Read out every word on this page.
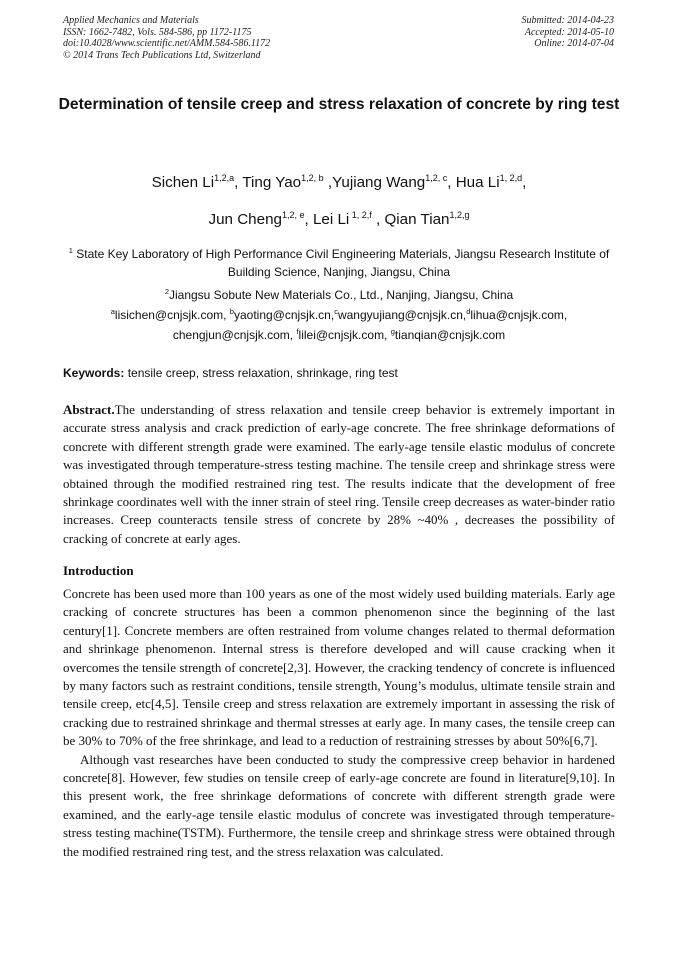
Applied Mechanics and Materials
ISSN: 1662-7482, Vols. 584-586, pp 1172-1175
doi:10.4028/www.scientific.net/AMM.584-586.1172
© 2014 Trans Tech Publications Ltd, Switzerland
Submitted: 2014-04-23
Accepted: 2014-05-10
Online: 2014-07-04
Determination of tensile creep and stress relaxation of concrete by ring test
Sichen Li$^{1,2,a}$, Ting Yao$^{1,2, b}$ ,Yujiang Wang$^{1,2, c}$, Hua Li$^{1, 2,d}$,
Jun Cheng$^{1,2, e}$, Lei Li $^{1, 2,f}$ , Qian Tian$^{1,2,g}$
$^1$ State Key Laboratory of High Performance Civil Engineering Materials, Jiangsu Research Institute of Building Science, Nanjing, Jiangsu, China
$^2$Jiangsu Sobute New Materials Co., Ltd., Nanjing, Jiangsu, China
$^a$lisichen@cnjsjk.com, $^b$yaoting@cnjsjk.cn,$^c$wangyujiang@cnjsjk.cn,$^d$lihua@cnjsjk.com,
chengjun@cnjsjk.com, $^f$lilei@cnjsjk.com, $^g$tianqian@cnjsjk.com
Keywords: tensile creep, stress relaxation, shrinkage, ring test
Abstract.The understanding of stress relaxation and tensile creep behavior is extremely important in accurate stress analysis and crack prediction of early-age concrete. The free shrinkage deformations of concrete with different strength grade were examined. The early-age tensile elastic modulus of concrete was investigated through temperature-stress testing machine. The tensile creep and shrinkage stress were obtained through the modified restrained ring test. The results indicate that the development of free shrinkage coordinates well with the inner strain of steel ring. Tensile creep decreases as water-binder ratio increases. Creep counteracts tensile stress of concrete by 28% ~40% , decreases the possibility of cracking of concrete at early ages.
Introduction

Concrete has been used more than 100 years as one of the most widely used building materials. Early age cracking of concrete structures has been a common phenomenon since the beginning of the last century[1]. Concrete members are often restrained from volume changes related to thermal deformation and shrinkage phenomenon. Internal stress is therefore developed and will cause cracking when it overcomes the tensile strength of concrete[2,3]. However, the cracking tendency of concrete is influenced by many factors such as restraint conditions, tensile strength, Young’s modulus, ultimate tensile strain and tensile creep, etc[4,5]. Tensile creep and stress relaxation are extremely important in assessing the risk of cracking due to restrained shrinkage and thermal stresses at early age. In many cases, the tensile creep can be 30% to 70% of the free shrinkage, and lead to a reduction of restraining stresses by about 50%[6,7].

Although vast researches have been conducted to study the compressive creep behavior in hardened concrete[8]. However, few studies on tensile creep of early-age concrete are found in literature[9,10]. In this present work, the free shrinkage deformations of concrete with different strength grade were examined, and the early-age tensile elastic modulus of concrete was investigated through temperature-stress testing machine(TSTM). Furthermore, the tensile creep and shrinkage stress were obtained through the modified restrained ring test, and the stress relaxation was calculated.
